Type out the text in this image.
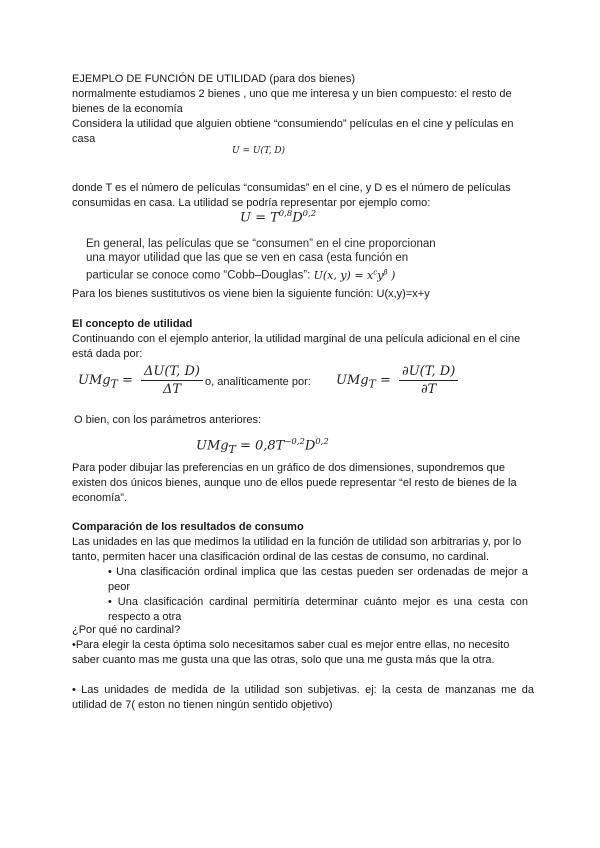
EJEMPLO DE FUNCIÓN DE UTILIDAD (para dos bienes)

normalmente estudiamos 2 bienes , uno que me interesa y un bien compuesto: el resto de bienes de la economía

Considera la utilidad que alguien obtiene “consumiendo” películas en el cine y películas en casa

U = U(T, D)

donde T es el número de películas “consumidas” en el cine, y D es el número de películas consumidas en casa. La utilidad se podría representar por ejemplo como:

$U = T^{0,8}D^{0,2}$
En general, las películas que se “consumen” en el cine proporcionan una mayor utilidad que las que se ven en casa (esta función en particular se conoce como “Cobb–Douglas”: U(x, $y) = x^cy^\beta$ )

Para los bienes sustitutivos os viene bien la siguiente función: U(x,y)=x+y

El concepto de utilidad

Continuando con el ejemplo anterior, la utilidad marginal de una película adicional en el cine está dada por:

$UMg_T = \frac{\Delta U(T, D)}{\Delta T} o$, analíticamente por: $UMg_T = \frac{\partial U(T, D)}{\partial T}$

O bien, con los parámetros anteriores:

$UMg_T = 0,8T^{-0,2}D^{0,2}$

Para poder dibujar las preferencias en un gráfico de dos dimensiones, supondremos que existen dos únicos bienes, aunque uno de ellos puede representar “el resto de bienes de la economía”.

Comparación de los resultados de consumo

Las unidades en las que medimos la utilidad en la función de utilidad son arbitrarias y, por lo tanto, permiten hacer una clasificación ordinal de las cestas de consumo, no cardinal.

• Una clasificación ordinal implica que las cestas pueden ser ordenadas de mejor a peor

• Una clasificación cardinal permitiría determinar cuánto mejor es una cesta con respecto a otra

¿Por qué no cardinal?

•Para elegir la cesta óptima solo necesitamos saber cual es mejor entre ellas, no necesito saber cuanto mas me gusta una que las otras, solo que una me gusta más que la otra.

• Las unidades de medida de la utilidad son subjetivas. ej: la cesta de manzanas me da utilidad de 7( eston no tienen ningún sentido objetivo)
